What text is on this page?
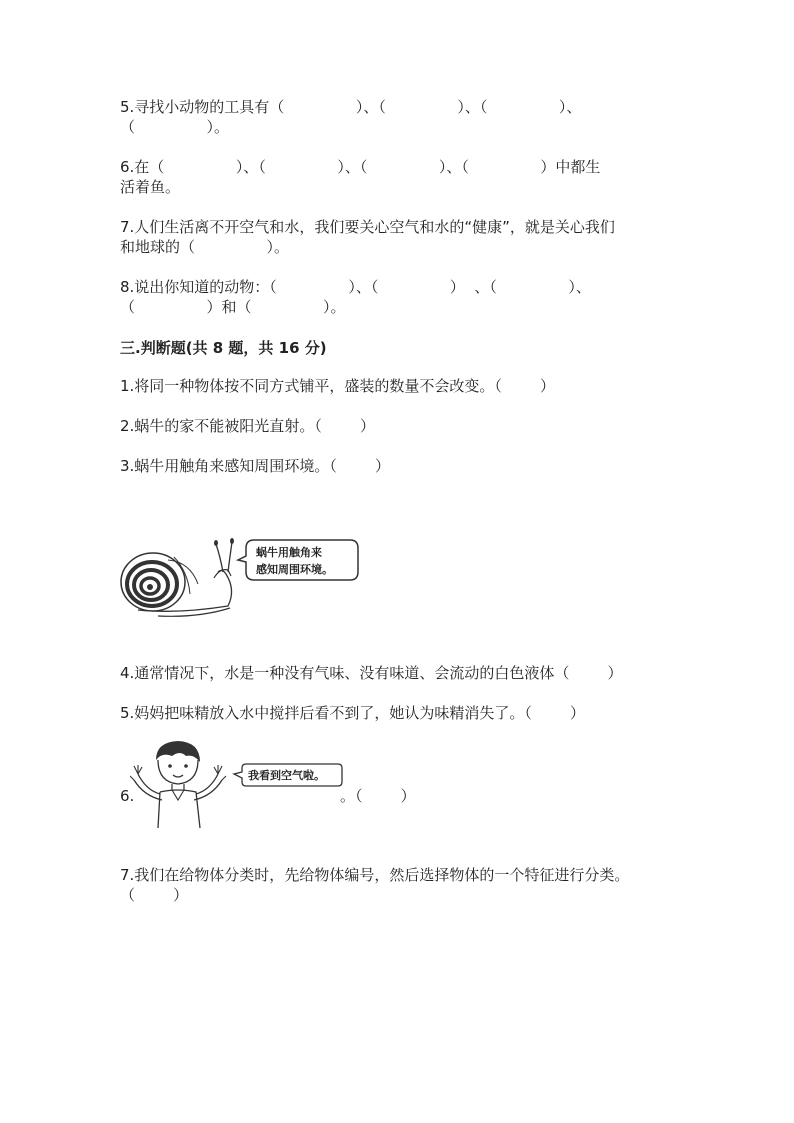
5.寻找小动物的工具有（               ）、（               ）、（               ）、
（               ）。
6.在（               ）、（               ）、（               ）、（               ）中都生
活着鱼。
7.人们生活离不开空气和水，我们要关心空气和水的“健康”，就是关心我们
和地球的（               ）。
8.说出你知道的动物：（               ）、（               ）  、（               ）、
（               ）和（               ）。
三.判断题(共 8 题，共 16 分)
1.将同一种物体按不同方式铺平，盛装的数量不会改变。（        ）
2.蜗牛的家不能被阳光直射。（        ）
3.蜗牛用触角来感知周围环境。（        ）
蜗牛用触角来
感知周围环境。
4.通常情况下，水是一种没有气味、没有味道、会流动的白色液体（        ）
5.妈妈把味精放入水中搅拌后看不到了，她认为味精消失了。（        ）
我看到空气啦。
6.	。（        ）
7.我们在给物体分类时，先给物体编号，然后选择物体的一个特征进行分类。
（        ）
